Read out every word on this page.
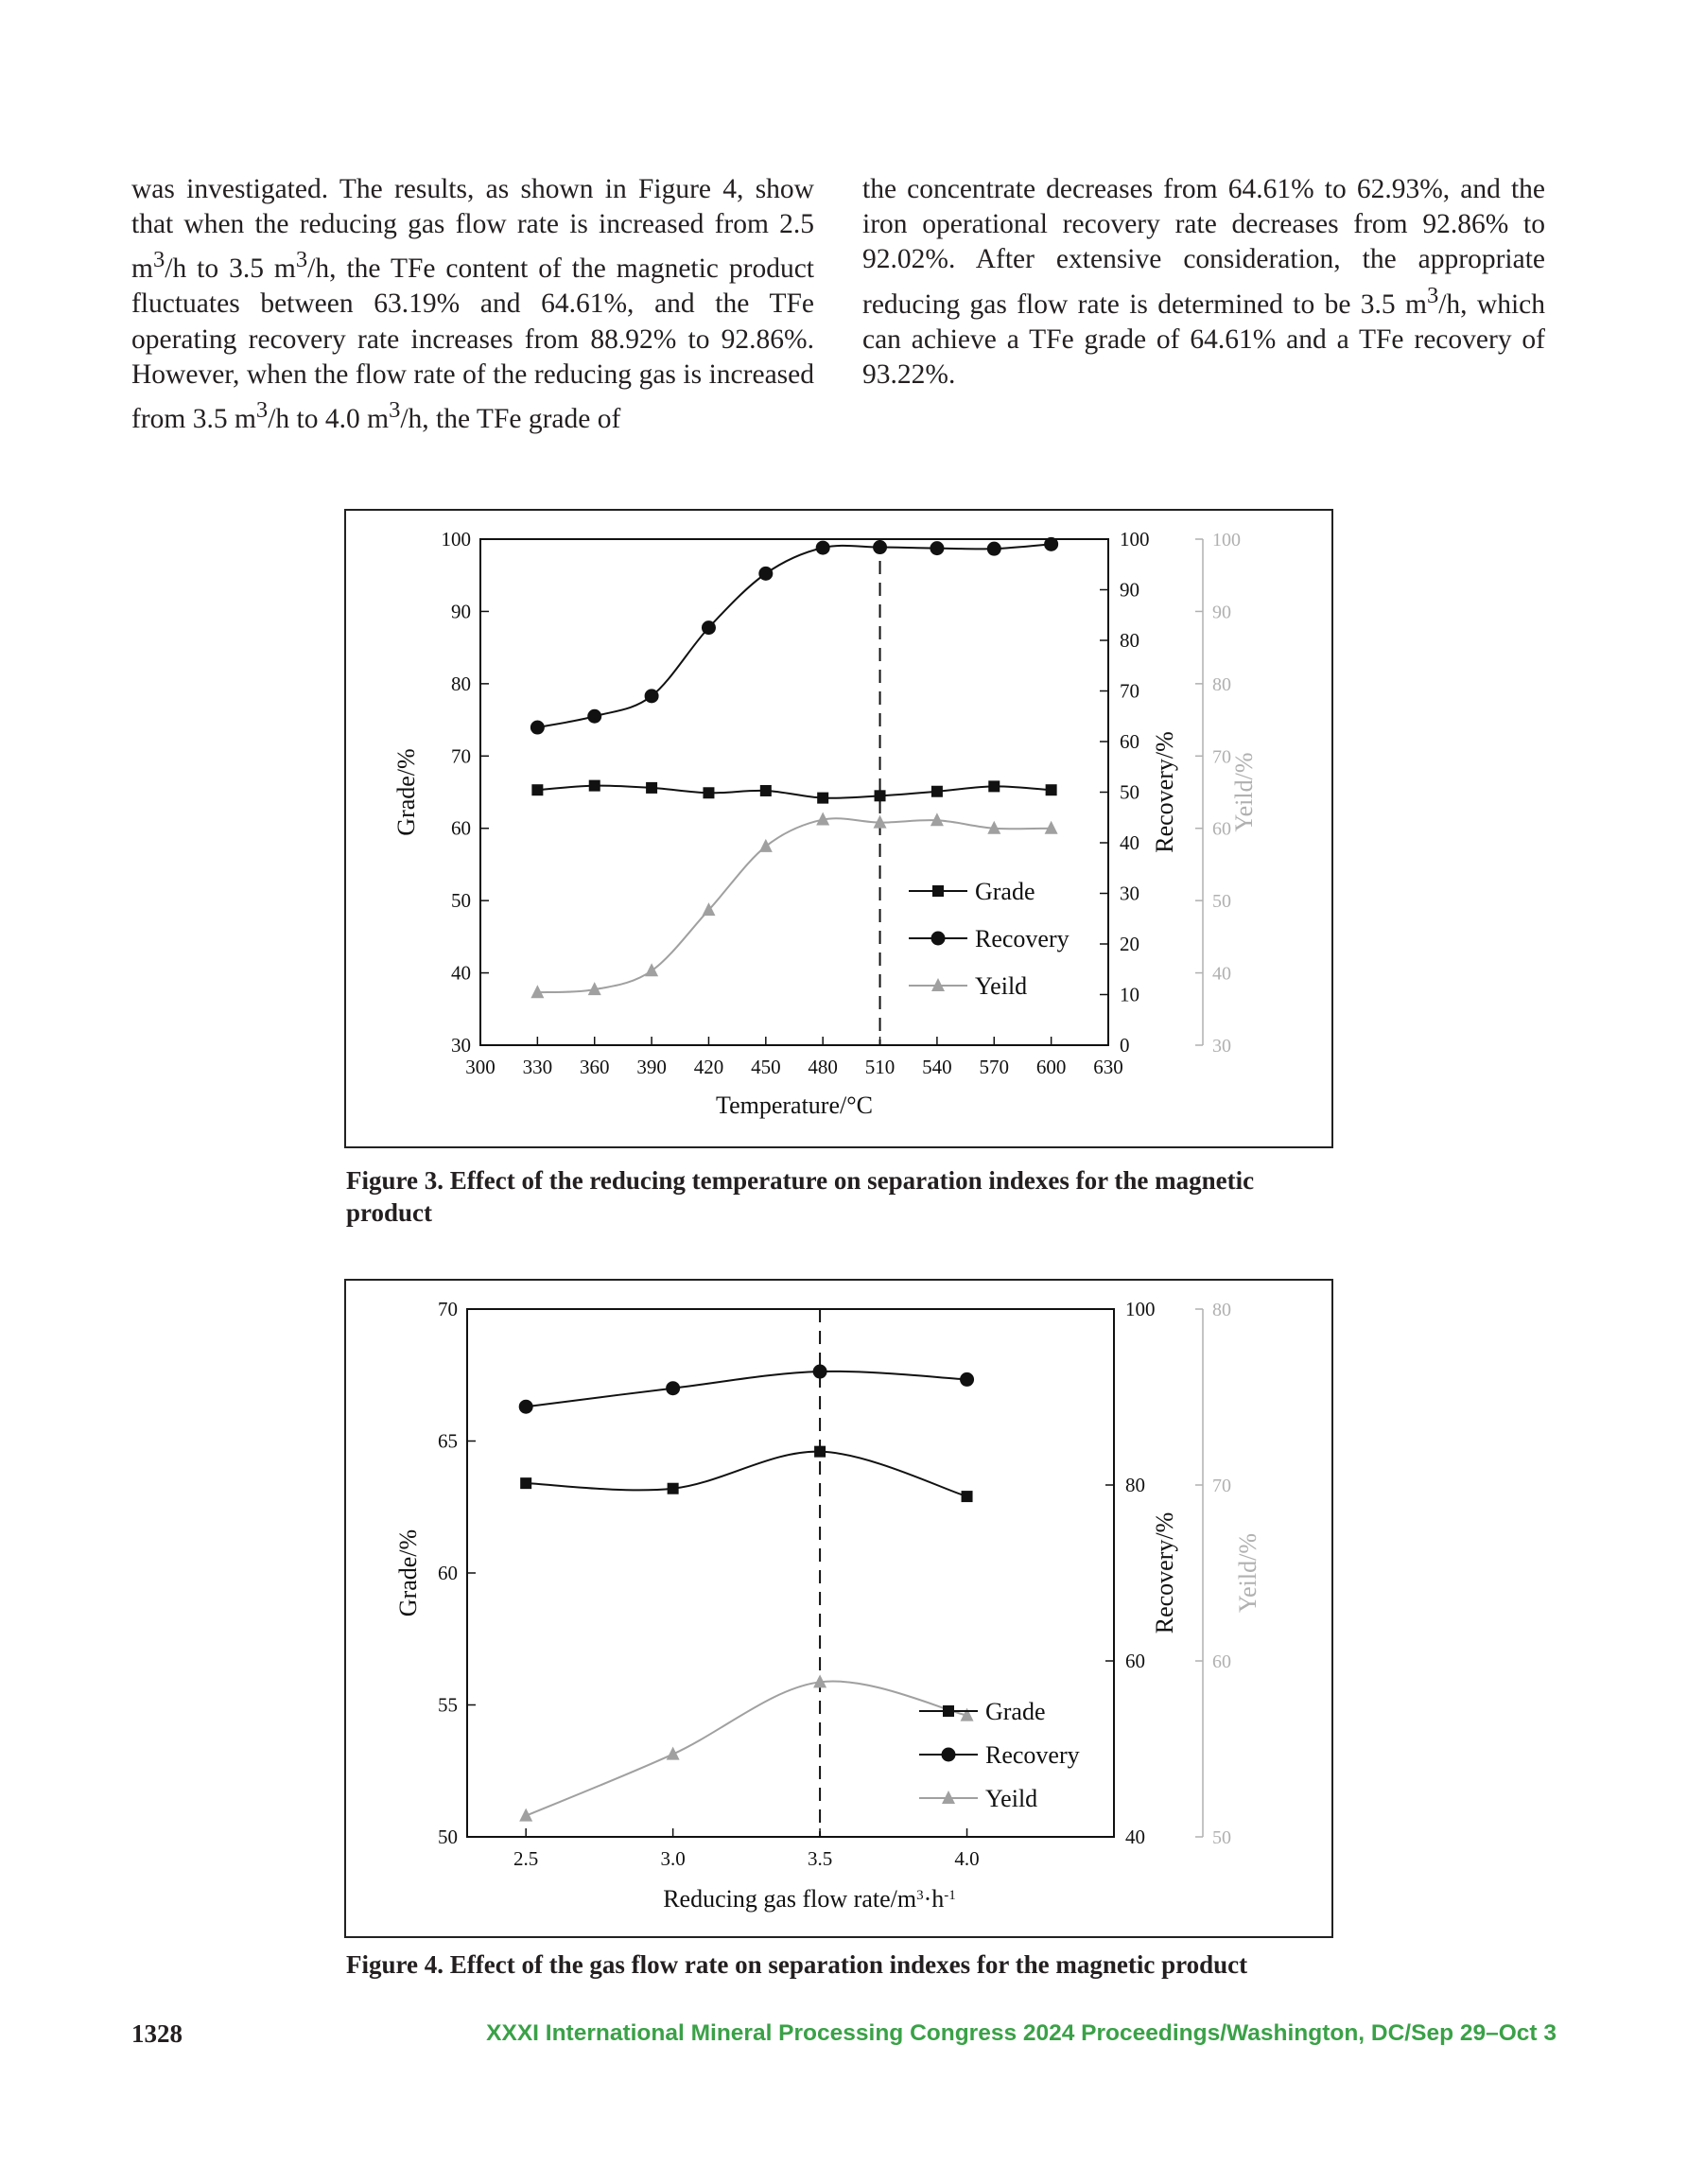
was investigated. The results, as shown in Figure 4, show that when the reducing gas flow rate is increased from 2.5 $m^3/h$ to 3.5 $m^3/h$, the TFe content of the magnetic product fluctuates between 63.19% and 64.61%, and the TFe operating recovery rate increases from 88.92% to 92.86%. However, when the flow rate of the reducing gas is increased from 3.5 $m^3/h$ to 4.0 $m^3/h$, the TFe grade of

the concentrate decreases from 64.61% to 62.93%, and the iron operational recovery rate decreases from 92.86% to 92.02%. After extensive consideration, the appropriate reducing gas flow rate is determined to be 3.5 $m^3/h$, which can achieve a TFe grade of 64.61% and a TFe recovery of 93.22%.

300 330 360 390 420 450 480 510 540 570 600 630
Temperature/°C
30
40
50
60
70
80
90
100
Grade/%
0
10
20
30
40
50
60
70
80
90
100
Recovery/%
30
40
50
60
70
80
90
100
Yeild/%
Grade
Recovery
Yeild
Figure 3. Effect of the reducing temperature on separation indexes for the magnetic product
2.5	3.0	3.5	4.0
Reducing gas flow rate/$m^3\cdot h^{-1}$
50
55
60
65
70
Grade/%
40
60
80
100
Recovery/%
50
60
70
80
Yeild/%
Grade
Recovery
Yeild
Figure 4. Effect of the gas flow rate on separation indexes for the magnetic product
1328	XXXI International Mineral Processing Congress 2024 Proceedings/Washington, DC/Sep 29–Oct 3
